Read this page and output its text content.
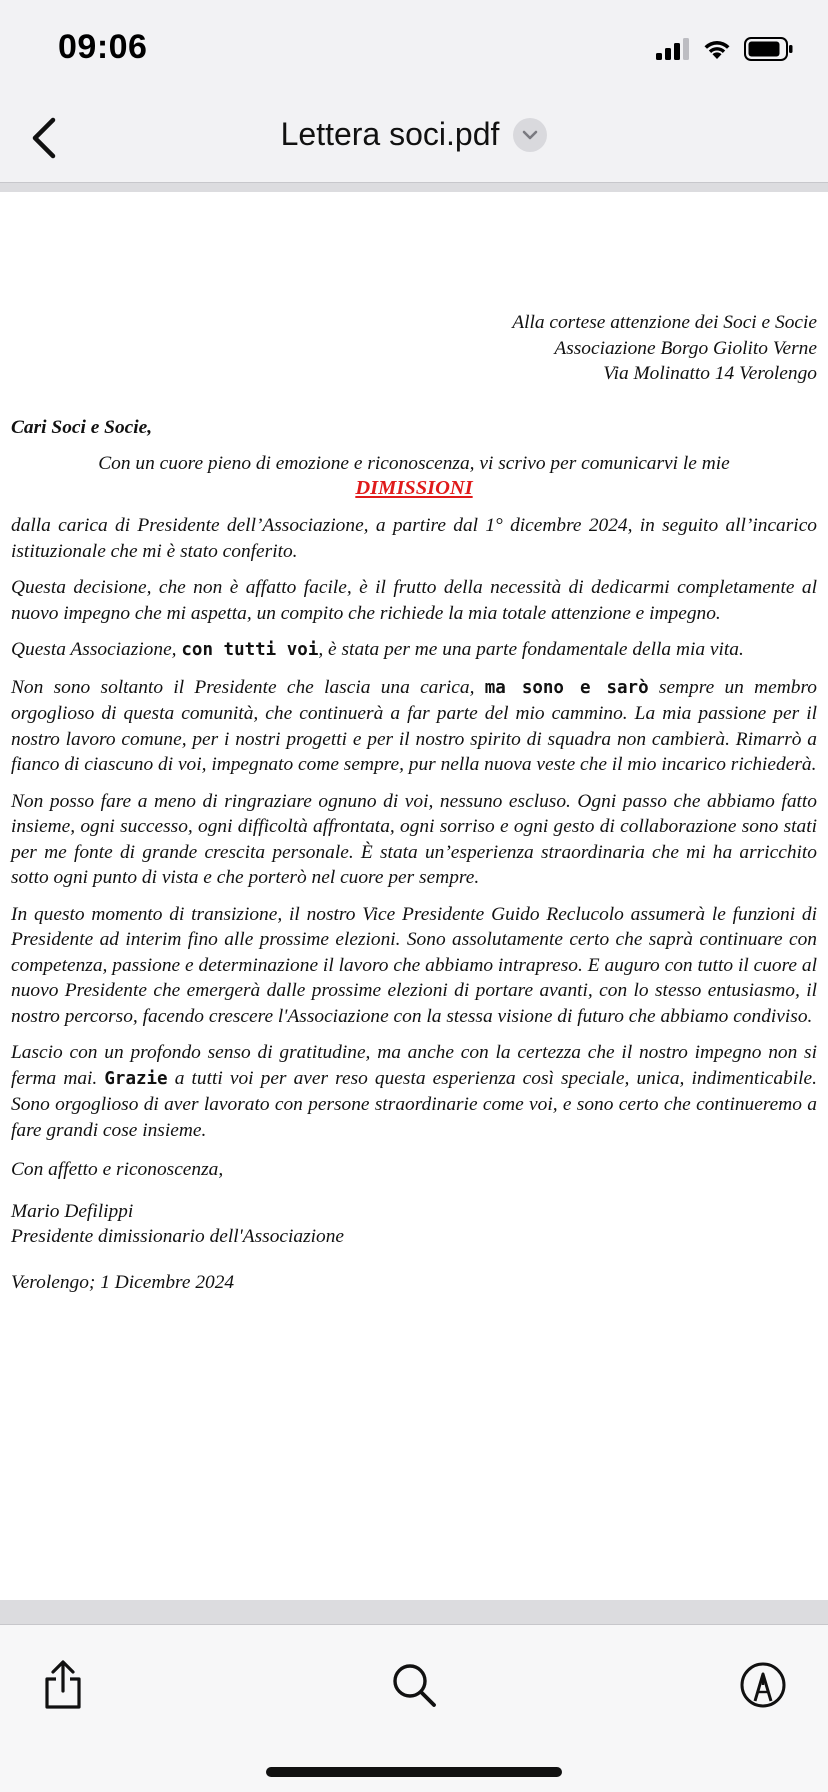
09:06
Lettera soci.pdf

Alla cortese attenzione dei Soci e Socie

Associazione Borgo Giolito Verne

Via Molinatto 14 Verolengo

Cari Soci e Socie,
Con un cuore pieno di emozione e riconoscenza, vi scrivo per comunicarvi le mie
DIMISSIONI

dalla carica di Presidente dell’Associazione, a partire dal 1° dicembre 2024, in seguito all’incarico istituzionale che mi è stato conferito.

Questa decisione, che non è affatto facile, è il frutto della necessità di dedicarmi completamente al nuovo impegno che mi aspetta, un compito che richiede la mia totale attenzione e impegno.

Questa Associazione, con tutti voi, è stata per me una parte fondamentale della mia vita.

Non sono soltanto il Presidente che lascia una carica, ma sono e sarò sempre un membro orgoglioso di questa comunità, che continuerà a far parte del mio cammino. La mia passione per il nostro lavoro comune, per i nostri progetti e per il nostro spirito di squadra non cambierà. Rimarrò a fianco di ciascuno di voi, impegnato come sempre, pur nella nuova veste che il mio incarico richiederà.

Non posso fare a meno di ringraziare ognuno di voi, nessuno escluso. Ogni passo che abbiamo fatto insieme, ogni successo, ogni difficoltà affrontata, ogni sorriso e ogni gesto di collaborazione sono stati per me fonte di grande crescita personale. È stata un’esperienza straordinaria che mi ha arricchito sotto ogni punto di vista e che porterò nel cuore per sempre.

In questo momento di transizione, il nostro Vice Presidente Guido Reclucolo assumerà le funzioni di Presidente ad interim fino alle prossime elezioni. Sono assolutamente certo che saprà continuare con competenza, passione e determinazione il lavoro che abbiamo intrapreso. E auguro con tutto il cuore al nuovo Presidente che emergerà dalle prossime elezioni di portare avanti, con lo stesso entusiasmo, il nostro percorso, facendo crescere l'Associazione con la stessa visione di futuro che abbiamo condiviso.

Lascio con un profondo senso di gratitudine, ma anche con la certezza che il nostro impegno non si ferma mai. Grazie a tutti voi per aver reso questa esperienza così speciale, unica, indimenticabile. Sono orgoglioso di aver lavorato con persone straordinarie come voi, e sono certo che continueremo a fare grandi cose insieme.

Con affetto e riconoscenza,
Mario Defilippi
Presidente dimissionario dell'Associazione
Verolengo; 1 Dicembre 2024
